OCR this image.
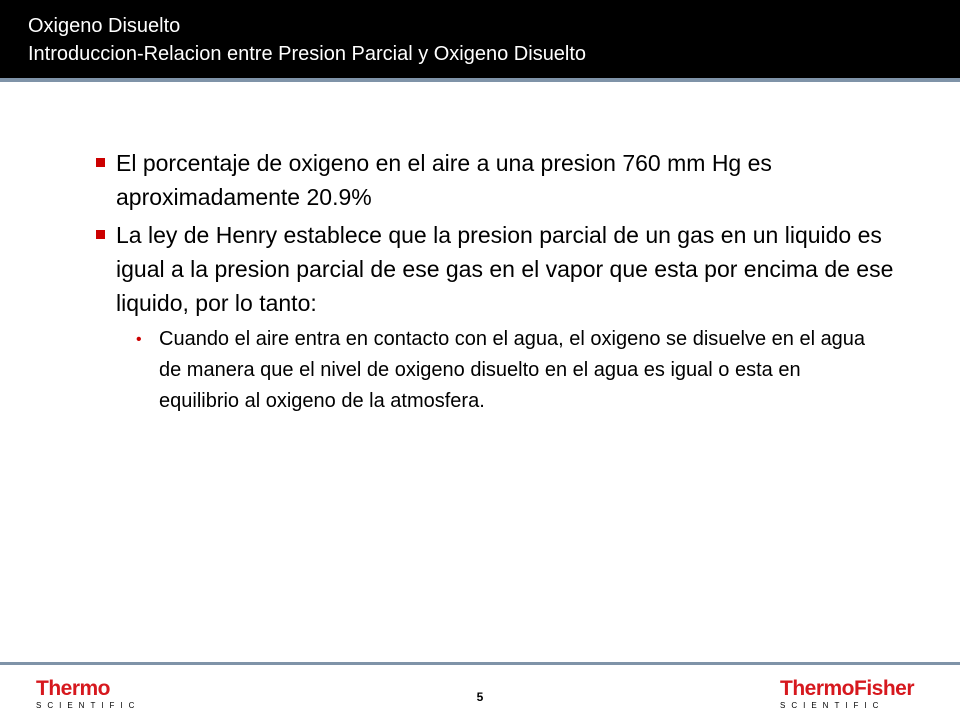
Oxigeno Disuelto
Introduccion-Relacion entre Presion Parcial y Oxigeno Disuelto
El porcentaje de oxigeno en el aire a una presion 760 mm Hg es aproximadamente 20.9%
La ley de Henry establece que la presion parcial de un gas en un liquido es igual a la presion parcial de ese gas en el vapor que esta por encima de ese liquido, por lo tanto:
• Cuando el aire entra en contacto con el agua, el oxigeno se disuelve en el agua de manera que el nivel de oxigeno disuelto en el agua es igual o esta en equilibrio al oxigeno de la atmosfera.
Thermo
SCIENTIFIC
5	ThermoFisher
SCIENTIFIC
